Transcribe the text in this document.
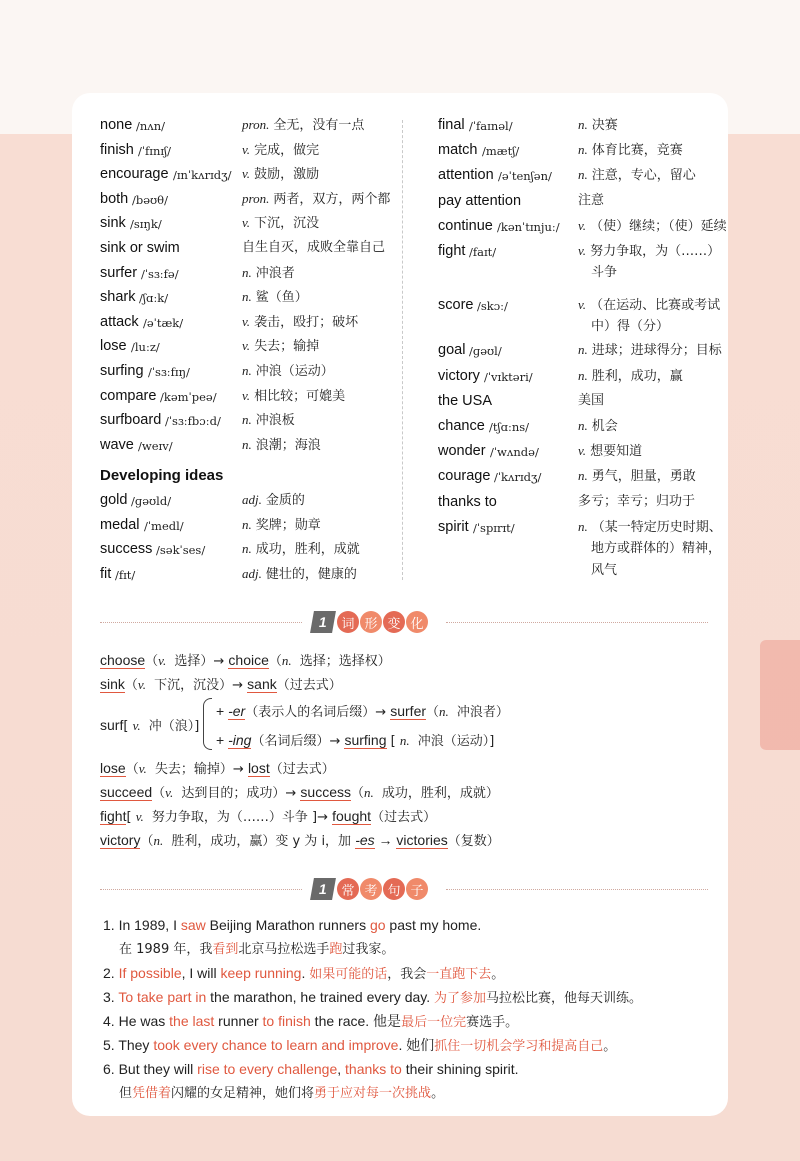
none /nʌn/	pron. 全无，没有一点
finish /ˈfɪnɪʃ/	v. 完成，做完
encourage /ɪnˈkʌrɪdʒ/ v. 鼓励，激励
both /bəʊθ/	pron. 两者，双方，两个都
sink /sɪŋk/	v. 下沉，沉没
sink or swim	自生自灭，成败全靠自己
surfer /ˈsɜːfə/	n. 冲浪者
shark /ʃɑːk/	n. 鲨（鱼）
attack /əˈtæk/	v. 袭击，殴打；破坏
lose /luːz/	v. 失去；输掉
surfing /ˈsɜːfɪŋ/	n. 冲浪（运动）
compare /kəmˈpeə/ v. 相比较；可媲美
surfboard /ˈsɜːfbɔːd/ n. 冲浪板
wave /weɪv/	n. 浪潮；海浪
Developing ideas
gold /ɡəʊld/	adj. 金质的
medal /ˈmedl/	n. 奖牌；勋章
success /səkˈses/	n. 成功，胜利，成就
fit /fɪt/	adj. 健壮的，健康的
final /ˈfaɪnəl/	n. 决赛
match /mætʃ/	n. 体育比赛，竞赛
attention /əˈtenʃən/ n. 注意，专心，留心
pay attention	注意
continue /kənˈtɪnjuː/ v. （使）继续；（使）延续
fight /faɪt/	v. 努力争取，为（……）
斗争
score /skɔː/	v. （在运动、比赛或考试
中）得（分）
goal /ɡəʊl/	n. 进球；进球得分；目标
victory /ˈvɪktəri/	n. 胜利，成功，赢
the USA	美国
chance /tʃɑːns/	n. 机会
wonder /ˈwʌndə/	v. 想要知道
courage /ˈkʌrɪdʒ/	n. 勇气，胆量，勇敢
thanks to	多亏；幸亏；归功于
spirit /ˈspɪrɪt/	n. （某一特定历史时期、
地方或群体的）精神，
风气
1	词 形 变 化
choose（v. 选择）→ choice（n. 选择；选择权）
sink（v. 下沉，沉没）→ sank（过去式）
surf[ v. 冲（浪）]
+ -er（表示人的名词后缀）→ surfer（n. 冲浪者）
+ -ing（名词后缀）→ surfing [ n. 冲浪（运动）]
lose（v. 失去；输掉）→ lost（过去式）
succeed（v. 达到目的；成功）→ success（n. 成功，胜利，成就）
fight[ v. 努力争取，为（……）斗争 ]→ fought（过去式）
victory（n. 胜利，成功，赢）变 y 为 i，加 -es → victories（复数）
1	常 考 句 子
1. In 1989, I saw Beijing Marathon runners go past my home.
在 1989 年，我看到北京马拉松选手跑过我家。
2. If possible, I will keep running. 如果可能的话，我会一直跑下去。
3. To take part in the marathon, he trained every day. 为了参加马拉松比赛，他每天训练。
4. He was the last runner to finish the race. 他是最后一位完赛选手。
5. They took every chance to learn and improve. 她们抓住一切机会学习和提高自己。
6. But they will rise to every challenge, thanks to their shining spirit.
但凭借着闪耀的女足精神，她们将勇于应对每一次挑战。
